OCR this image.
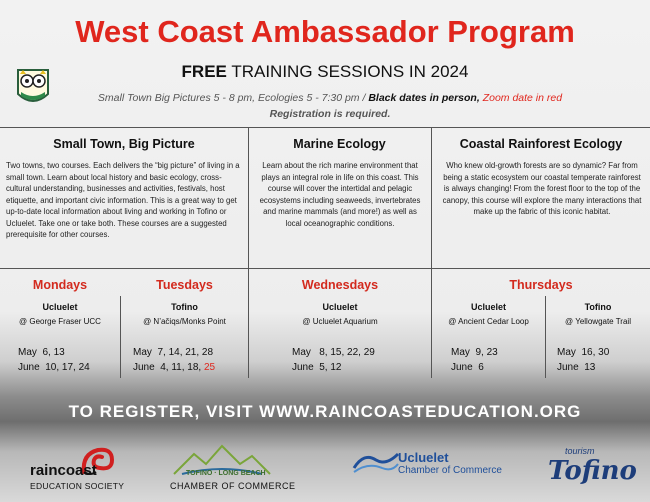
West Coast Ambassador Program
FREE TRAINING SESSIONS IN 2024
Small Town Big Pictures 5 - 8 pm, Ecologies 5 - 7:30 pm / Black dates in person, Zoom date in red
Registration is required.
Small Town, Big Picture
Two towns, two courses. Each delivers the “big picture” of living in a small town. Learn about local history and basic ecology, cross-cultural understanding, businesses and activities, festivals, host etiquette, and important civic information. This is a great way to get up-to-date local information about living and working in Tofino or Ucluelet. Take one or take both. These courses are a suggested prerequisite for other courses.
Marine Ecology
Learn about the rich marine environment that plays an integral role in life on this coast. This course will cover the intertidal and pelagic ecosystems including seaweeds, invertebrates and marine mammals (and more!) as well as local oceanographic conditions.
Coastal Rainforest Ecology
Who knew old-growth forests are so dynamic? Far from being a static ecosystem our coastal temperate rainforest is always changing! From the forest floor to the top of the canopy, this course will explore the many interactions that make up the fabric of this iconic habitat.
Mondays
Ucluelet
@ George Fraser UCC
May  6, 13
June  10, 17, 24
Tuesdays
Tofino
@ N’ačiqs/Monks Point
May  7, 14, 21, 28
June  4, 11, 18, 25
Wednesdays
Ucluelet
@ Ucluelet Aquarium
May   8, 15, 22, 29
June  5, 12
Thursdays
Ucluelet
@ Ancient Cedar Loop
May  9, 23
June  6
Tofino
@ Yellowgate Trail
May  16, 30
June  13
TO REGISTER, VISIT WWW.RAINCOASTEDUCATION.ORG
raincoast
EDUCATION SOCIETY
TOFINO · LONG BEACH
CHAMBER OF COMMERCE
Ucluelet
Chamber of Commerce
tourism
Tofino
